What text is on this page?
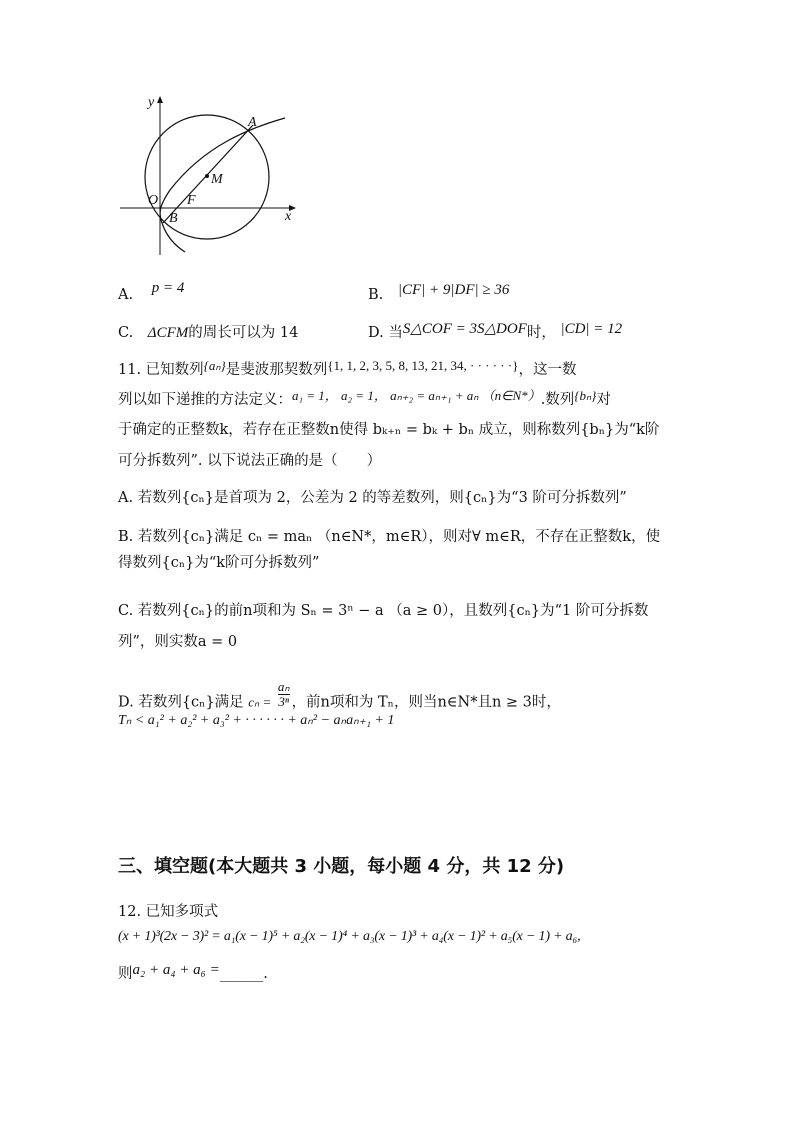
y
x
A
M
O F
B
A. p = 4	B. |CF| + 9|DF| ≥ 36
C. ΔCFM的周长可以为 14	D. 当S△COF = 3S△DOF时， |CD| = 12
11. 已知数列{aₙ}是斐波那契数列{1, 1, 2, 3, 5, 8, 13, 21, 34, · · · · · ·}，这一数
列以如下递推的方法定义：a₁ = 1， a₂ = 1， aₙ₊₂ = aₙ₊₁ + aₙ （n∈N*）.数列{bₙ}对
于确定的正整数k，若存在正整数n使得 bₖ₊ₙ = bₖ + bₙ 成立，则称数列{bₙ}为“k阶
可分拆数列”. 以下说法正确的是（　　）
A. 若数列{cₙ}是首项为 2，公差为 2 的等差数列，则{cₙ}为“3 阶可分拆数列”
B. 若数列{cₙ}满足 cₙ = maₙ （n∈N*，m∈R），则对∀ m∈R，不存在正整数k，使
得数列{cₙ}为“k阶可分拆数列”
C. 若数列{cₙ}的前n项和为 Sₙ = 3ⁿ − a （a ≥ 0），且数列{cₙ}为“1 阶可分拆数
列”，则实数a = 0
D. 若数列{cₙ}满足 $c_n = \frac{\text{aₙ}}{\text{3ⁿ}}$ ，前n项和为 Tₙ，则当n∈N*且n ≥ 3时，
Tₙ < a₁² + a₂² + a₃² + · · · · · · + aₙ² − aₙaₙ₊₁ + 1
三、填空题(本大题共 3 小题，每小题 4 分，共 12 分)
12. 已知多项式
(x + 1)³(2x − 3)² = a₁(x − 1)⁵ + a₂(x − 1)⁴ + a₃(x − 1)³ + a₄(x − 1)² + a₅(x − 1) + a₆,
则a₂ + a₄ + a₆ =______.
